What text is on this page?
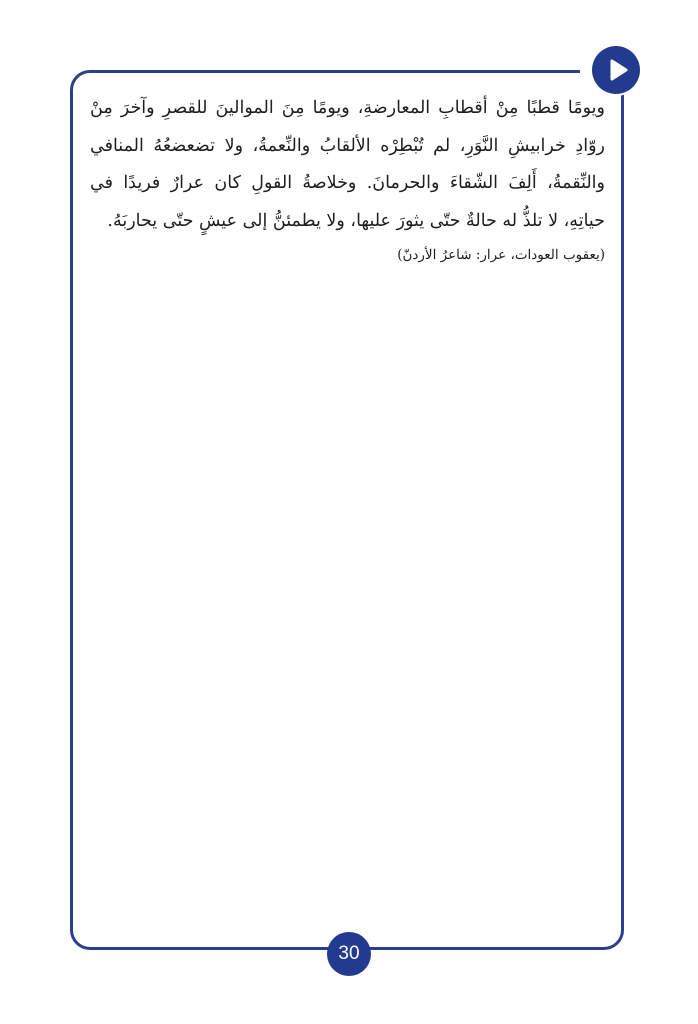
ويومًا قطبًا مِنْ أقطابِ المعارضةِ، ويومًا مِنَ الموالينَ للقصرِ وآخرَ مِنْ روّادِ خرابيشِ النَّوَرِ، لم تُبْطِرْه الألقابُ والنِّعمةُ، ولا تضعضعُهُ المنافي والنِّقمةُ، أَلِفَ الشّقاءَ والحرمانَ. وخلاصةُ القولِ كان عرارٌ فريدًا في حياتِهِ، لا تلذُّ له حالةٌ حتّى يثورَ عليها، ولا يطمئنُّ إلى عيشٍ حتّى يحاربَهُ.

(يعقوب العودات، عرار: شاعرُ الأردنّ)

30
